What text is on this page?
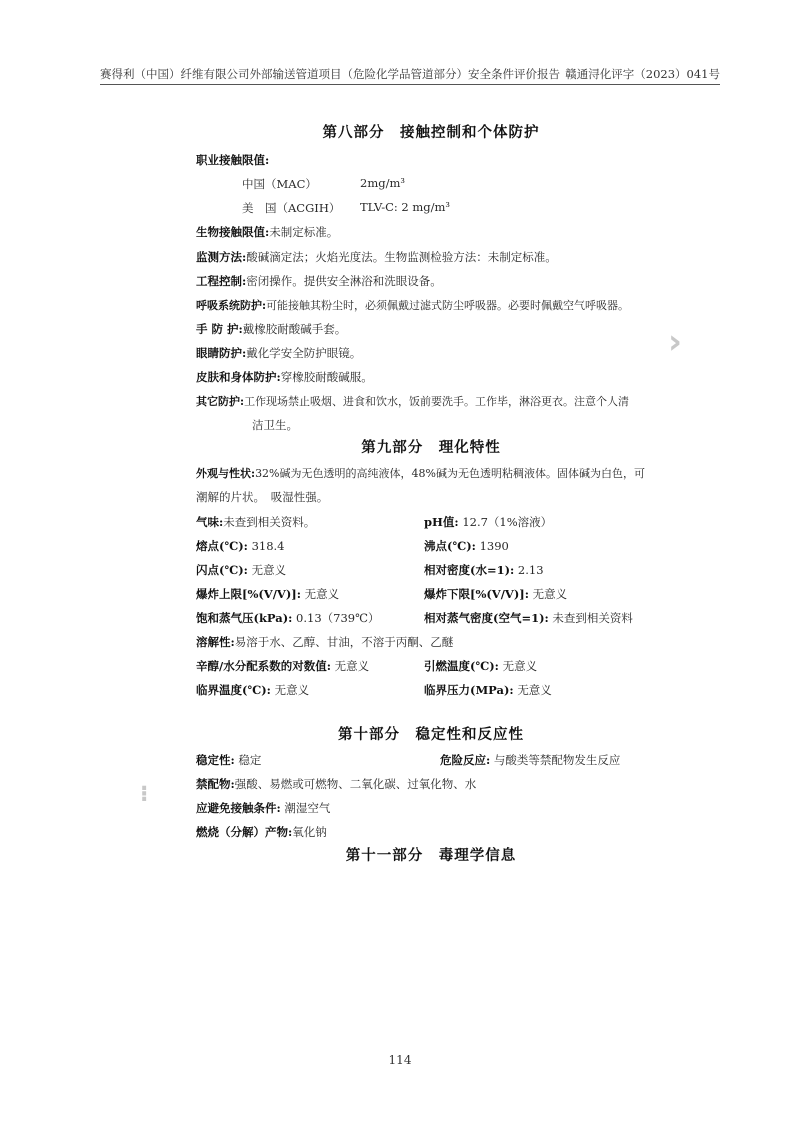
赛得利（中国）纤维有限公司外部输送管道项目（危险化学品管道部分）安全条件评价报告 赣通浔化评字（2023）041号
›
⁝
第八部分　接触控制和个体防护
职业接触限值:
中国（MAC）	2mg/m³
美　国（ACGIH） TLV-C: 2 mg/m³
生物接触限值:未制定标准。
监测方法:酸碱滴定法；火焰光度法。生物监测检验方法：未制定标准。
工程控制:密闭操作。提供安全淋浴和洗眼设备。
呼吸系统防护:可能接触其粉尘时，必须佩戴过滤式防尘呼吸器。必要时佩戴空气呼吸器。
手 防 护:戴橡胶耐酸碱手套。
眼睛防护:戴化学安全防护眼镜。
皮肤和身体防护:穿橡胶耐酸碱服。
其它防护:工作现场禁止吸烟、进食和饮水，饭前要洗手。工作毕，淋浴更衣。注意个人清
洁卫生。
第九部分　理化特性
外观与性状:32%碱为无色透明的高纯液体，48%碱为无色透明粘稠液体。固体碱为白色，可
潮解的片状。　吸湿性强。
气味:未查到相关资料。	pH值: 12.7（1%溶液）
熔点(℃): 318.4	沸点(℃): 1390
闪点(℃): 无意义	相对密度(水=1): 2.13
爆炸上限[%(V/V)]: 无意义	爆炸下限[%(V/V)]: 无意义
饱和蒸气压(kPa): 0.13（739℃）	相对蒸气密度(空气=1): 未查到相关资料
溶解性:易溶于水、乙醇、甘油，不溶于丙酮、乙醚
辛醇/水分配系数的对数值: 无意义	引燃温度(℃): 无意义
临界温度(℃): 无意义	临界压力(MPa): 无意义
第十部分　稳定性和反应性
稳定性: 稳定	危险反应: 与酸类等禁配物发生反应
禁配物:强酸、易燃或可燃物、二氧化碳、过氧化物、水
应避免接触条件: 潮湿空气
燃烧（分解）产物:氧化钠
第十一部分　毒理学信息
114
